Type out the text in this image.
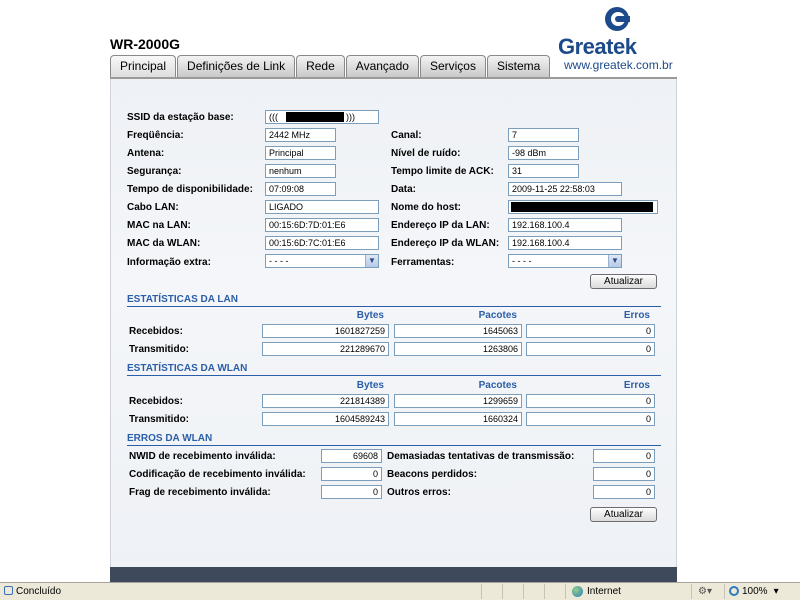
WR-2000G	Greatek
www.greatek.com.br
Principal	Definições de Link	Rede	Avançado	Serviços	Sistema
SSID da estação base:	(((	)))
Freqüência:	2442 MHz	Canal:	7
Antena:	Principal	Nível de ruído:	-98 dBm
Segurança:	nenhum	Tempo limite de ACK:	31
Tempo de disponibilidade:	07:09:08	Data:	2009-11-25 22:58:03
Cabo LAN:	LIGADO	Nome do host:
MAC na LAN:	00:15:6D:7D:01:E6	Endereço IP da LAN:	192.168.100.4
MAC da WLAN:	00:15:6D:7C:01:E6	Endereço IP da WLAN:	192.168.100.4
Informação extra:	- - - -	▼ Ferramentas:	- - - -	▼
Atualizar
ESTATÍSTICAS DA LAN
Bytes	Pacotes	Erros
Recebidos:	1601827259	1645063	0
Transmitido:	221289670	1263806	0
ESTATÍSTICAS DA WLAN
Bytes	Pacotes	Erros
Recebidos:	221814389	1299659	0
Transmitido:	1604589243	1660324	0
ERROS DA WLAN
NWID de recebimento inválida:	69608 Demasiadas tentativas de transmissão:	0
Codificação de recebimento inválida:	0 Beacons perdidos:	0
Frag de recebimento inválida:	0 Outros erros:	0
Atualizar
Concluído	Internet	⚙▾	100% ▾
